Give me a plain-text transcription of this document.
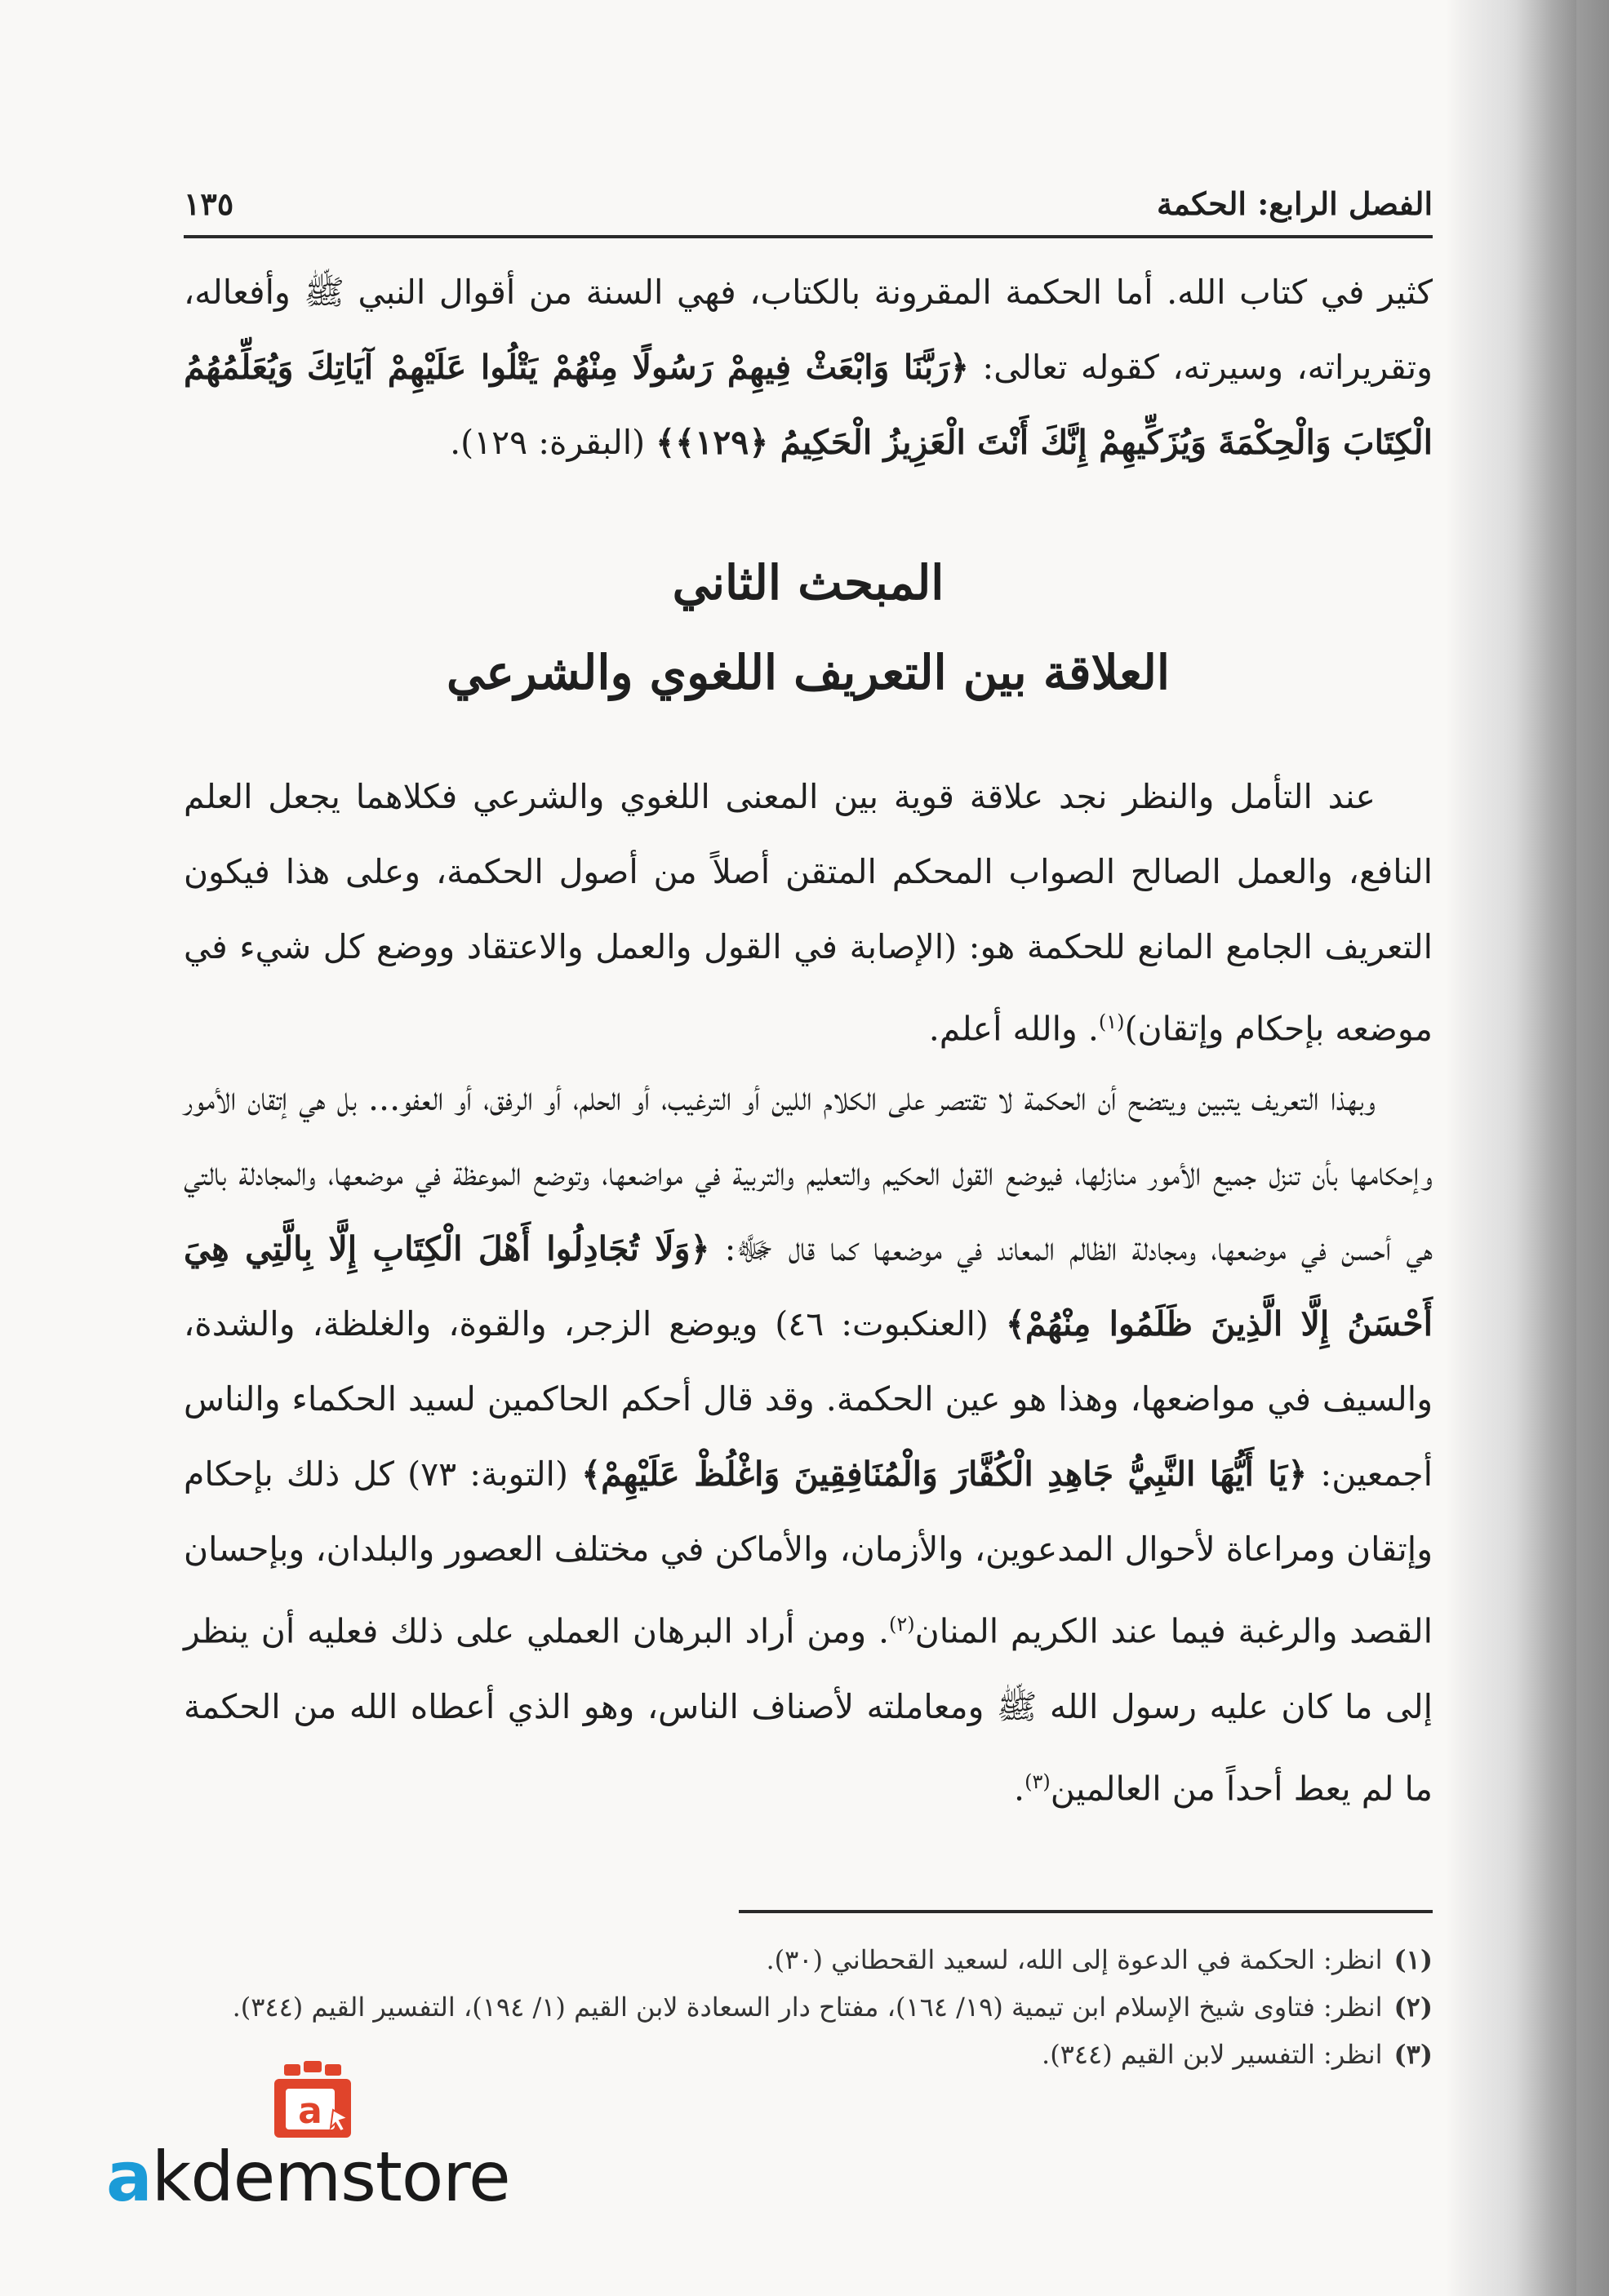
الفصل الرابع: الحكمة
١٣٥
كثير في كتاب الله. أما الحكمة المقرونة بالكتاب، فهي السنة من أقوال النبي ﷺ وأفعاله، وتقريراته، وسيرته، كقوله تعالى: ﴿رَبَّنَا وَابْعَثْ فِيهِمْ رَسُولًا مِنْهُمْ يَتْلُوا عَلَيْهِمْ آيَاتِكَ وَيُعَلِّمُهُمُ الْكِتَابَ وَالْحِكْمَةَ وَيُزَكِّيهِمْ إِنَّكَ أَنْتَ الْعَزِيزُ الْحَكِيمُ ﴿١٢٩﴾﴾ (البقرة: ١٢٩).
المبحث الثاني
العلاقة بين التعريف اللغوي والشرعي
عند التأمل والنظر نجد علاقة قوية بين المعنى اللغوي والشرعي فكلاهما يجعل العلم النافع، والعمل الصالح الصواب المحكم المتقن أصلاً من أصول الحكمة، وعلى هذا فيكون التعريف الجامع المانع للحكمة هو: (الإصابة في القول والعمل والاعتقاد ووضع كل شيء في موضعه بإحكام وإتقان)$^{(١)}$. والله أعلم.
وبهذا التعريف يتبين ويتضح أن الحكمة لا تقتصر على الكلام اللين أو الترغيب، أو الحلم، أو الرفق، أو العفو... بل هي إتقان الأمور وإحكامها بأن تنزل جميع الأمور منازلها، فيوضع القول الحكيم والتعليم والتربية في مواضعها، وتوضع الموعظة في موضعها، والمجادلة بالتي هي أحسن في موضعها، ومجادلة الظالم المعاند في موضعها كما قال ﷻ: ﴿وَلَا تُجَادِلُوا أَهْلَ الْكِتَابِ إِلَّا بِالَّتِي هِيَ أَحْسَنُ إِلَّا الَّذِينَ ظَلَمُوا مِنْهُمْ﴾ (العنكبوت: ٤٦) ويوضع الزجر، والقوة، والغلظة، والشدة، والسيف في مواضعها، وهذا هو عين الحكمة. وقد قال أحكم الحاكمين لسيد الحكماء والناس أجمعين: ﴿يَا أَيُّهَا النَّبِيُّ جَاهِدِ الْكُفَّارَ وَالْمُنَافِقِينَ وَاغْلُظْ عَلَيْهِمْ﴾ (التوبة: ٧٣) كل ذلك بإحكام وإتقان ومراعاة لأحوال المدعوين، والأزمان، والأماكن في مختلف العصور والبلدان، وبإحسان القصد والرغبة فيما عند الكريم المنان$^{(٢)}$. ومن أراد البرهان العملي على ذلك فعليه أن ينظر إلى ما كان عليه رسول الله ﷺ ومعاملته لأصناف الناس، وهو الذي أعطاه الله من الحكمة ما لم يعط أحداً من العالمين$^{(٣)}$.
(١)انظر: الحكمة في الدعوة إلى الله، لسعيد القحطاني (٣٠).
(٢)انظر: فتاوى شيخ الإسلام ابن تيمية (١٩/ ١٦٤)، مفتاح دار السعادة لابن القيم (١/ ١٩٤)، التفسير القيم (٣٤٤).
(٣)انظر: التفسير لابن القيم (٣٤٤).
a
akdemstore
